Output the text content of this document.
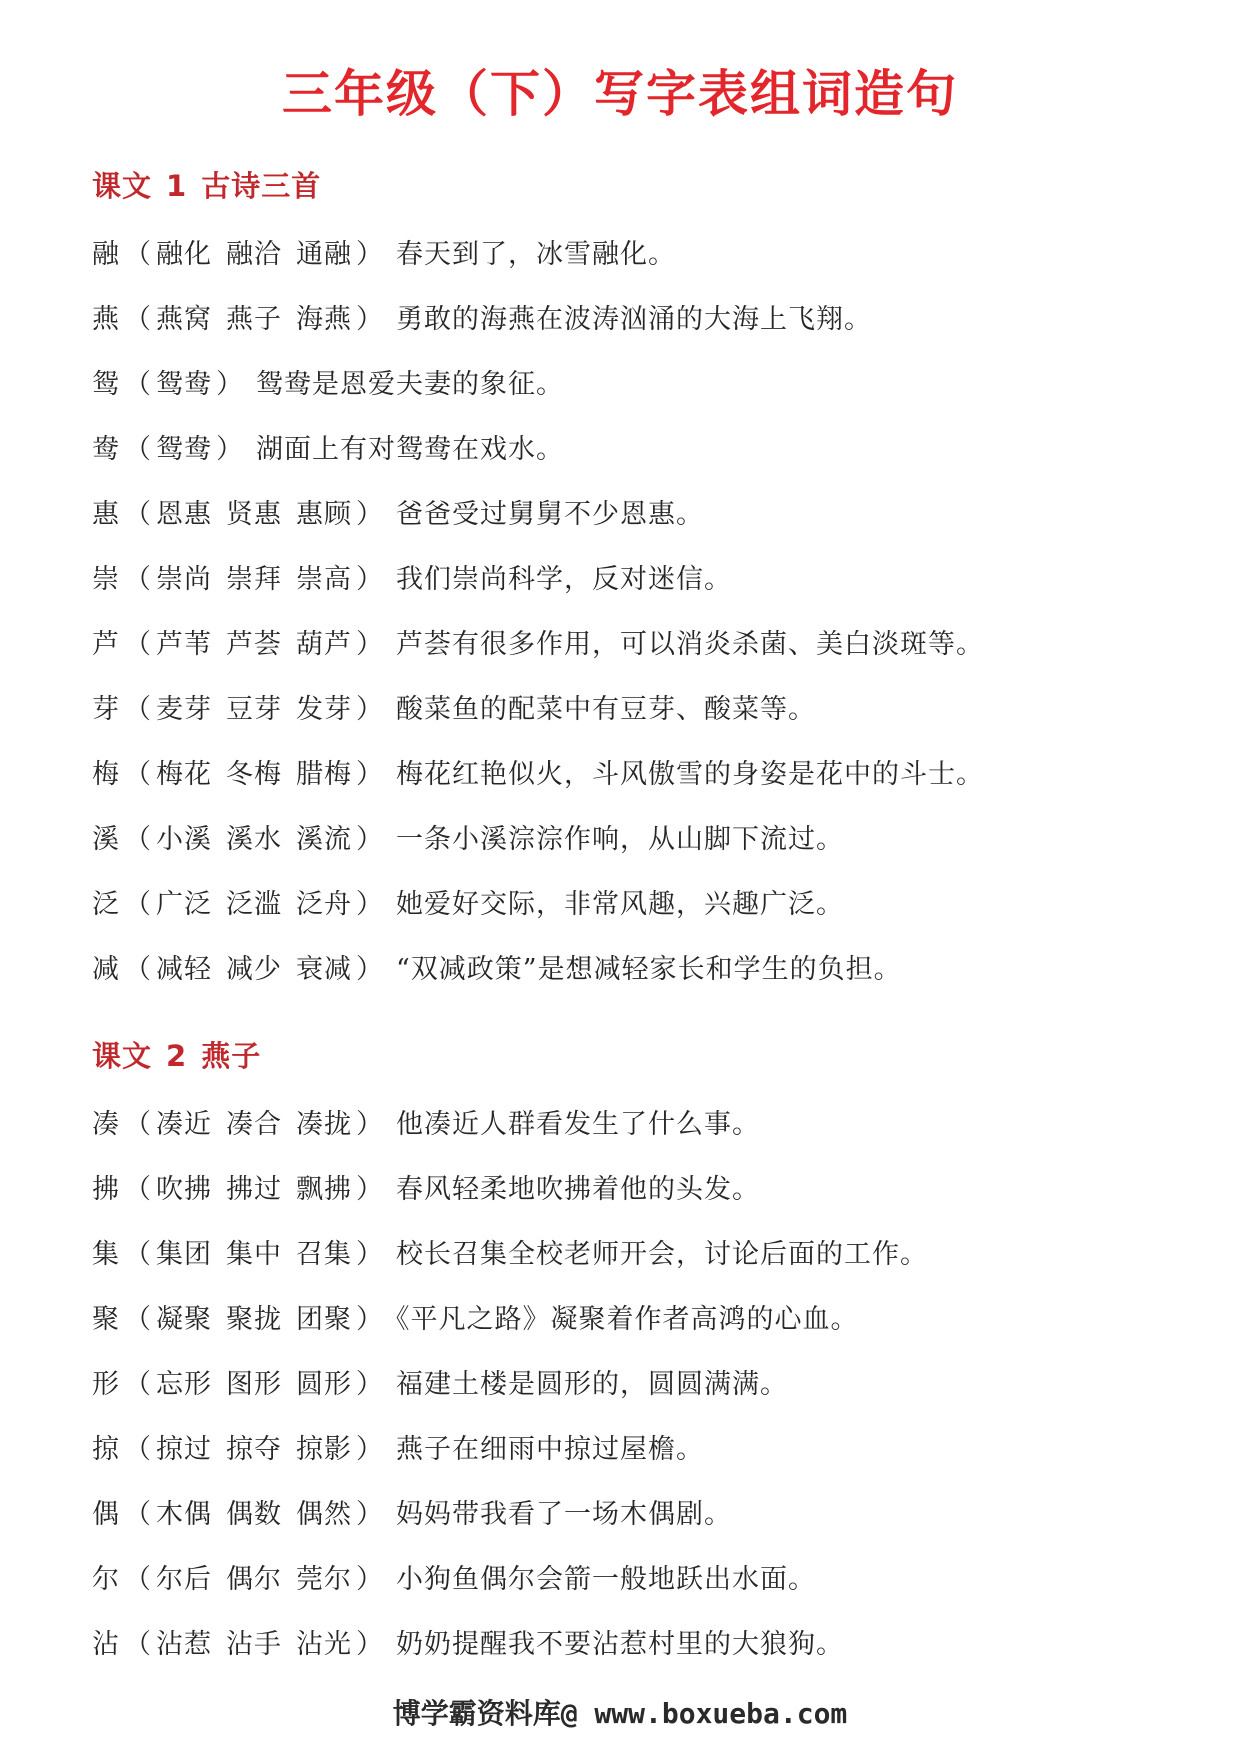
三年级（下）写字表组词造句
课文 1 古诗三首
融 （ 融化 融洽 通融 ） 春天到了，冰雪融化。
燕 （ 燕窝 燕子 海燕 ） 勇敢的海燕在波涛汹涌的大海上飞翔。
鸳 （ 鸳鸯 ） 鸳鸯是恩爱夫妻的象征。
鸯 （ 鸳鸯 ） 湖面上有对鸳鸯在戏水。
惠 （ 恩惠 贤惠 惠顾 ） 爸爸受过舅舅不少恩惠。
崇 （ 崇尚 崇拜 崇高 ） 我们崇尚科学，反对迷信。
芦 （ 芦苇 芦荟 葫芦 ） 芦荟有很多作用，可以消炎杀菌、美白淡斑等。
芽 （ 麦芽 豆芽 发芽 ） 酸菜鱼的配菜中有豆芽、酸菜等。
梅 （ 梅花 冬梅 腊梅 ） 梅花红艳似火，斗风傲雪的身姿是花中的斗士。
溪 （ 小溪 溪水 溪流 ） 一条小溪淙淙作响，从山脚下流过。
泛 （ 广泛 泛滥 泛舟 ） 她爱好交际，非常风趣，兴趣广泛。
减 （ 减轻 减少 衰减 ） “双减政策”是想减轻家长和学生的负担。
课文 2 燕子
凑 （ 凑近 凑合 凑拢 ） 他凑近人群看发生了什么事。
拂 （ 吹拂 拂过 飘拂 ） 春风轻柔地吹拂着他的头发。
集 （ 集团 集中 召集 ） 校长召集全校老师开会，讨论后面的工作。
聚 （ 凝聚 聚拢 团聚 ） 《平凡之路》凝聚着作者高鸿的心血。
形 （ 忘形 图形 圆形 ） 福建土楼是圆形的，圆圆满满。
掠 （ 掠过 掠夺 掠影 ） 燕子在细雨中掠过屋檐。
偶 （ 木偶 偶数 偶然 ） 妈妈带我看了一场木偶剧。
尔 （ 尔后 偶尔 莞尔 ） 小狗鱼偶尔会箭一般地跃出水面。
沾 （ 沾惹 沾手 沾光 ） 奶奶提醒我不要沾惹村里的大狼狗。
博学霸资料库@ www.boxueba.com
